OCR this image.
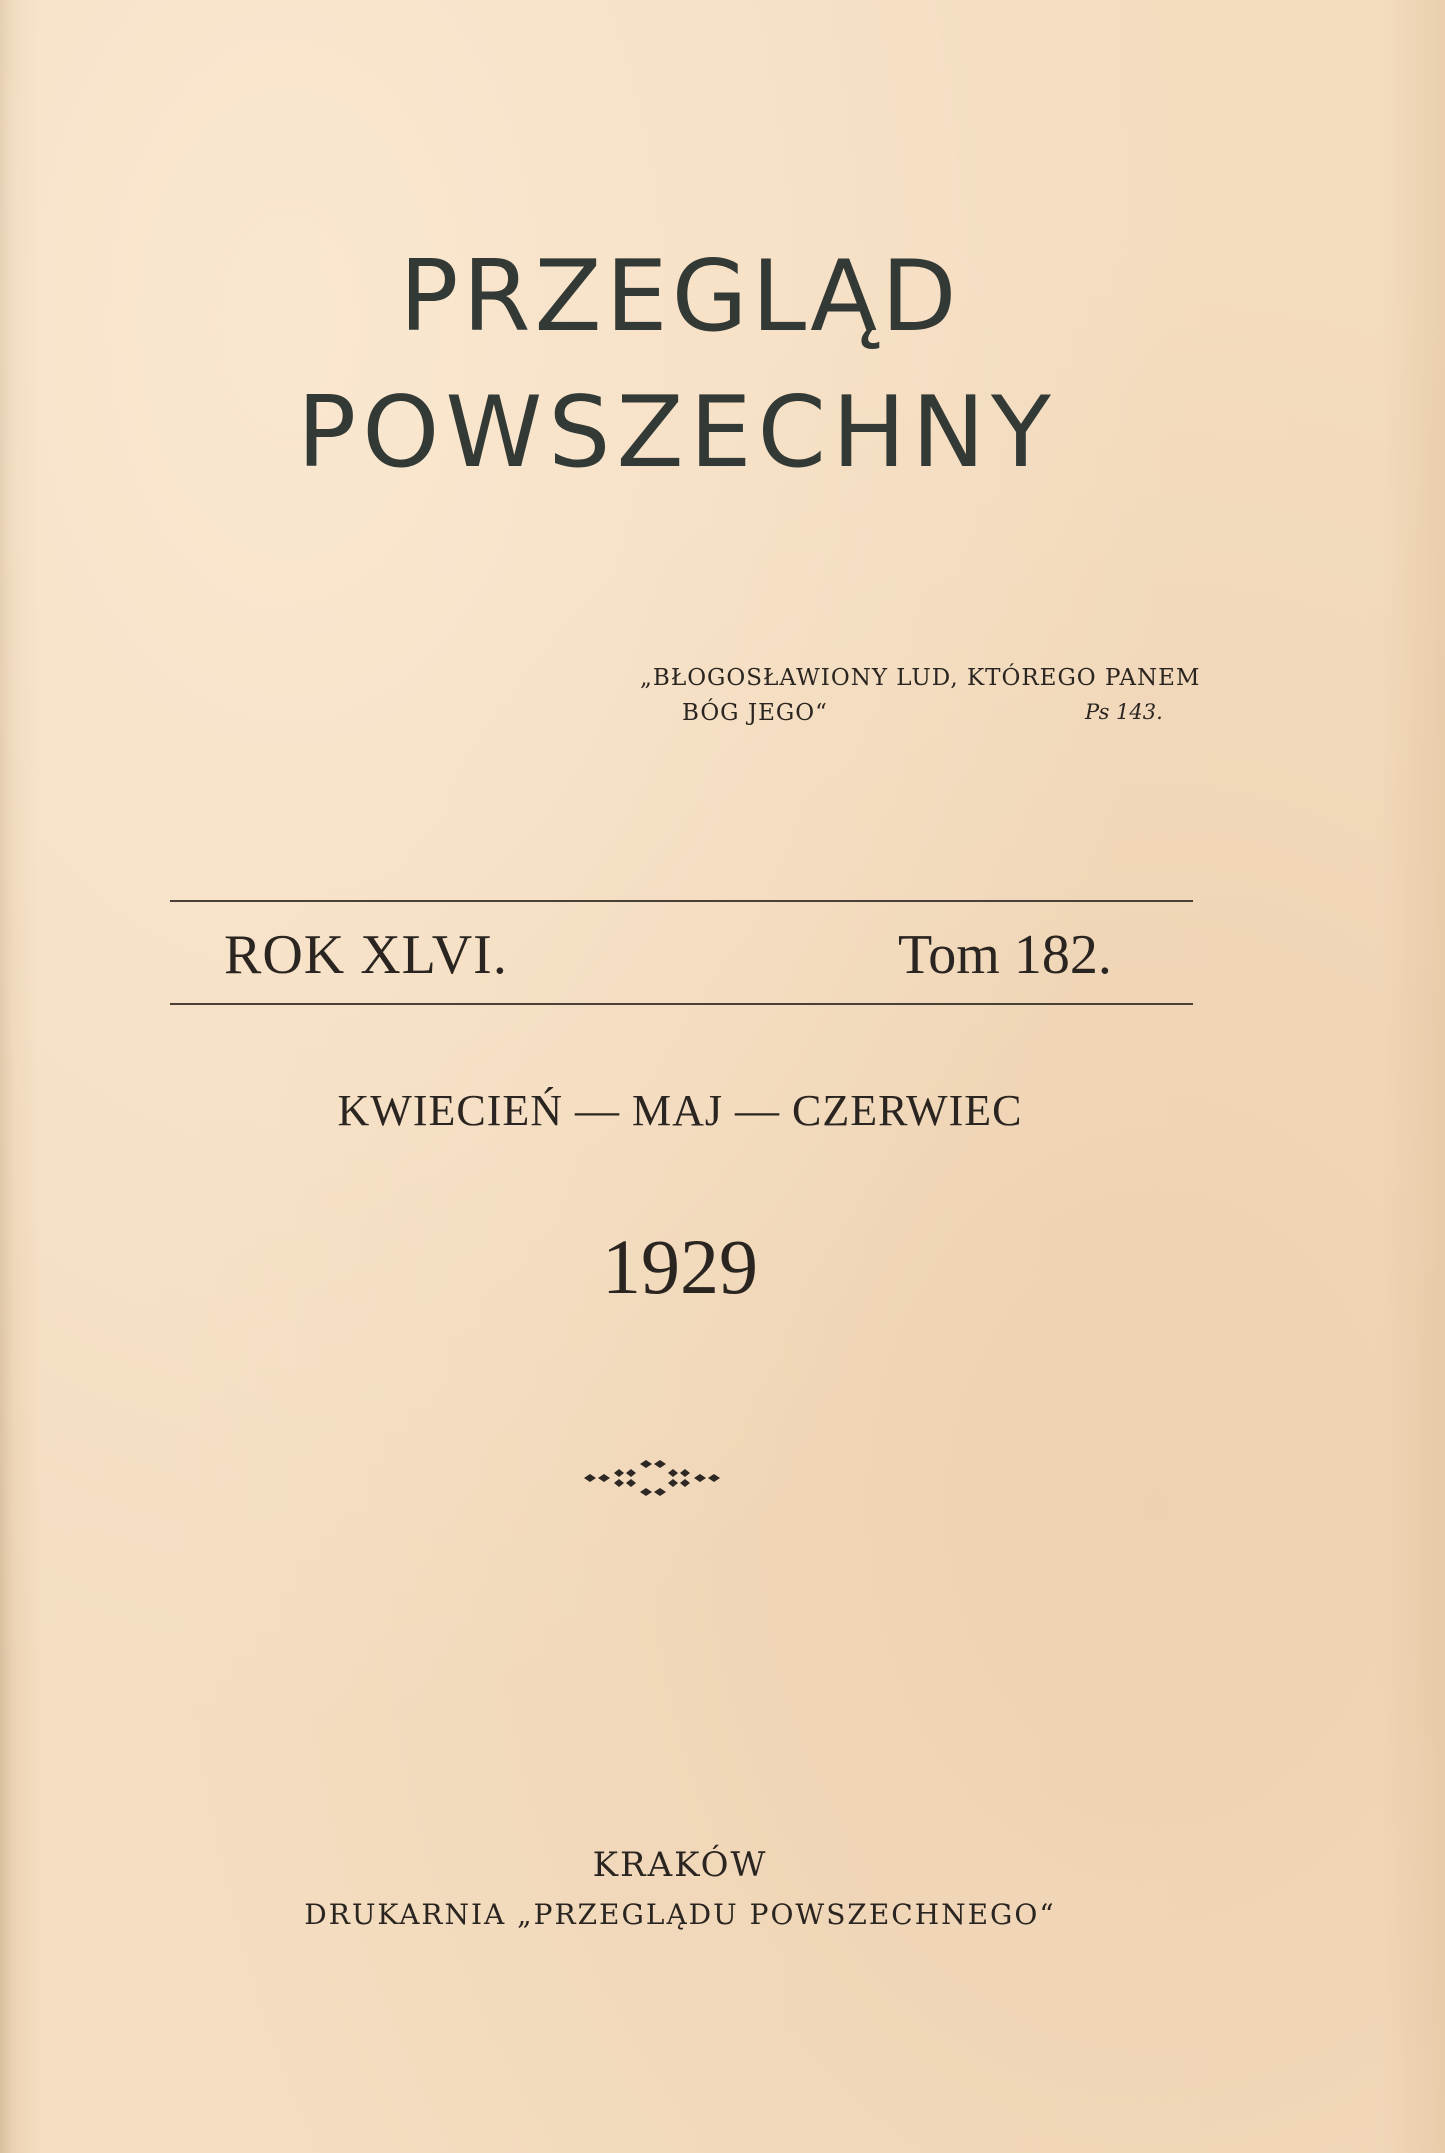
PRZEGLĄD
POWSZECHNY

„BŁOGOSŁAWIONY LUD, KTÓREGO PANEM

BÓG JEGO“	Ps 143.

ROK XLVI.	Tom 182.

KWIECIEŃ — MAJ — CZERWIEC

1929

KRAKÓW

DRUKARNIA „PRZEGLĄDU POWSZECHNEGO“
